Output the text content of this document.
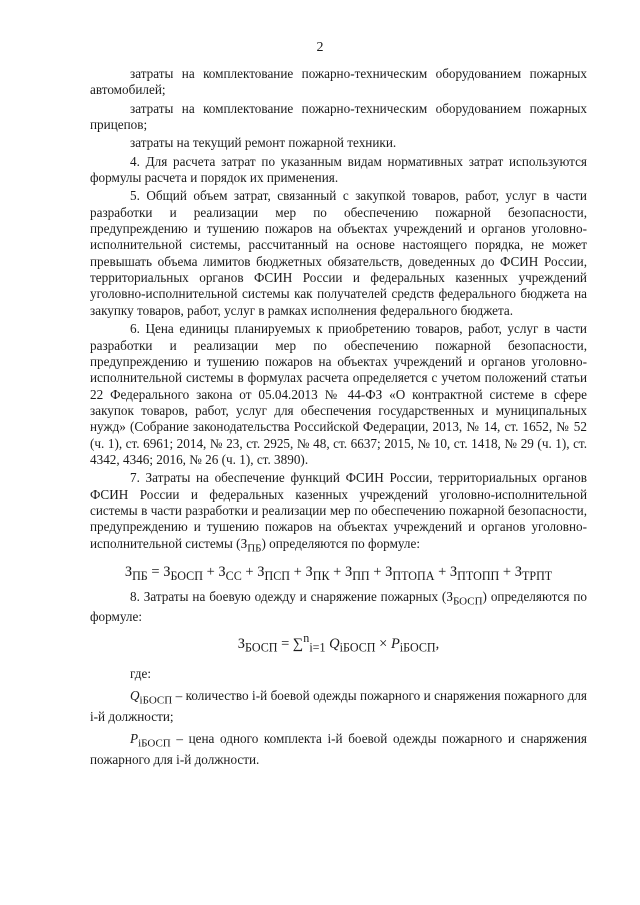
2

затраты на комплектование пожарно-техническим оборудованием пожарных автомобилей;

затраты на комплектование пожарно-техническим оборудованием пожарных прицепов;

затраты на текущий ремонт пожарной техники.

4. Для расчета затрат по указанным видам нормативных затрат используются формулы расчета и порядок их применения.

5. Общий объем затрат, связанный с закупкой товаров, работ, услуг в части разработки и реализации мер по обеспечению пожарной безопасности, предупреждению и тушению пожаров на объектах учреждений и органов уголовно-исполнительной системы, рассчитанный на основе настоящего порядка, не может превышать объема лимитов бюджетных обязательств, доведенных до ФСИН России, территориальных органов ФСИН России и федеральных казенных учреждений уголовно-исполнительной системы как получателей средств федерального бюджета на закупку товаров, работ, услуг в рамках исполнения федерального бюджета.

6. Цена единицы планируемых к приобретению товаров, работ, услуг в части разработки и реализации мер по обеспечению пожарной безопасности, предупреждению и тушению пожаров на объектах учреждений и органов уголовно-исполнительной системы в формулах расчета определяется с учетом положений статьи 22 Федерального закона от 05.04.2013 № 44-ФЗ «О контрактной системе в сфере закупок товаров, работ, услуг для обеспечения государственных и муниципальных нужд» (Собрание законодательства Российской Федерации, 2013, № 14, ст. 1652, № 52 (ч. 1), ст. 6961; 2014, № 23, ст. 2925, № 48, ст. 6637; 2015, № 10, ст. 1418, № 29 (ч. 1), ст. 4342, 4346; 2016, № 26 (ч. 1), ст. 3890).

7. Затраты на обеспечение функций ФСИН России, территориальных органов ФСИН России и федеральных казенных учреждений уголовно-исполнительной системы в части разработки и реализации мер по обеспечению пожарной безопасности, предупреждению и тушению пожаров на объектах учреждений и органов уголовно-исполнительной системы $(З_{ПБ})$ определяются по формуле:

$З_{ПБ} = З_{БОСП} + З_{СС} + З_{ПСП} + З_{ПК} + З_{ПП} + З_{ПТОПА} + З_{ПТОПП} + З_{ТРПТ}$

8. Затраты на боевую одежду и снаряжение пожарных $(З_{БОСП})$ определяются по формуле:

$З_{БОСП} = \sum^n_{i=1}$ $Q_{iБОСП} \times P_{iБОСП}$,

где:

$Q_{iБОСП}$ – количество i-й боевой одежды пожарного и снаряжения пожарного для i-й должности;

$P_{iБОСП}$ – цена одного комплекта i-й боевой одежды пожарного и снаряжения пожарного для i-й должности.
